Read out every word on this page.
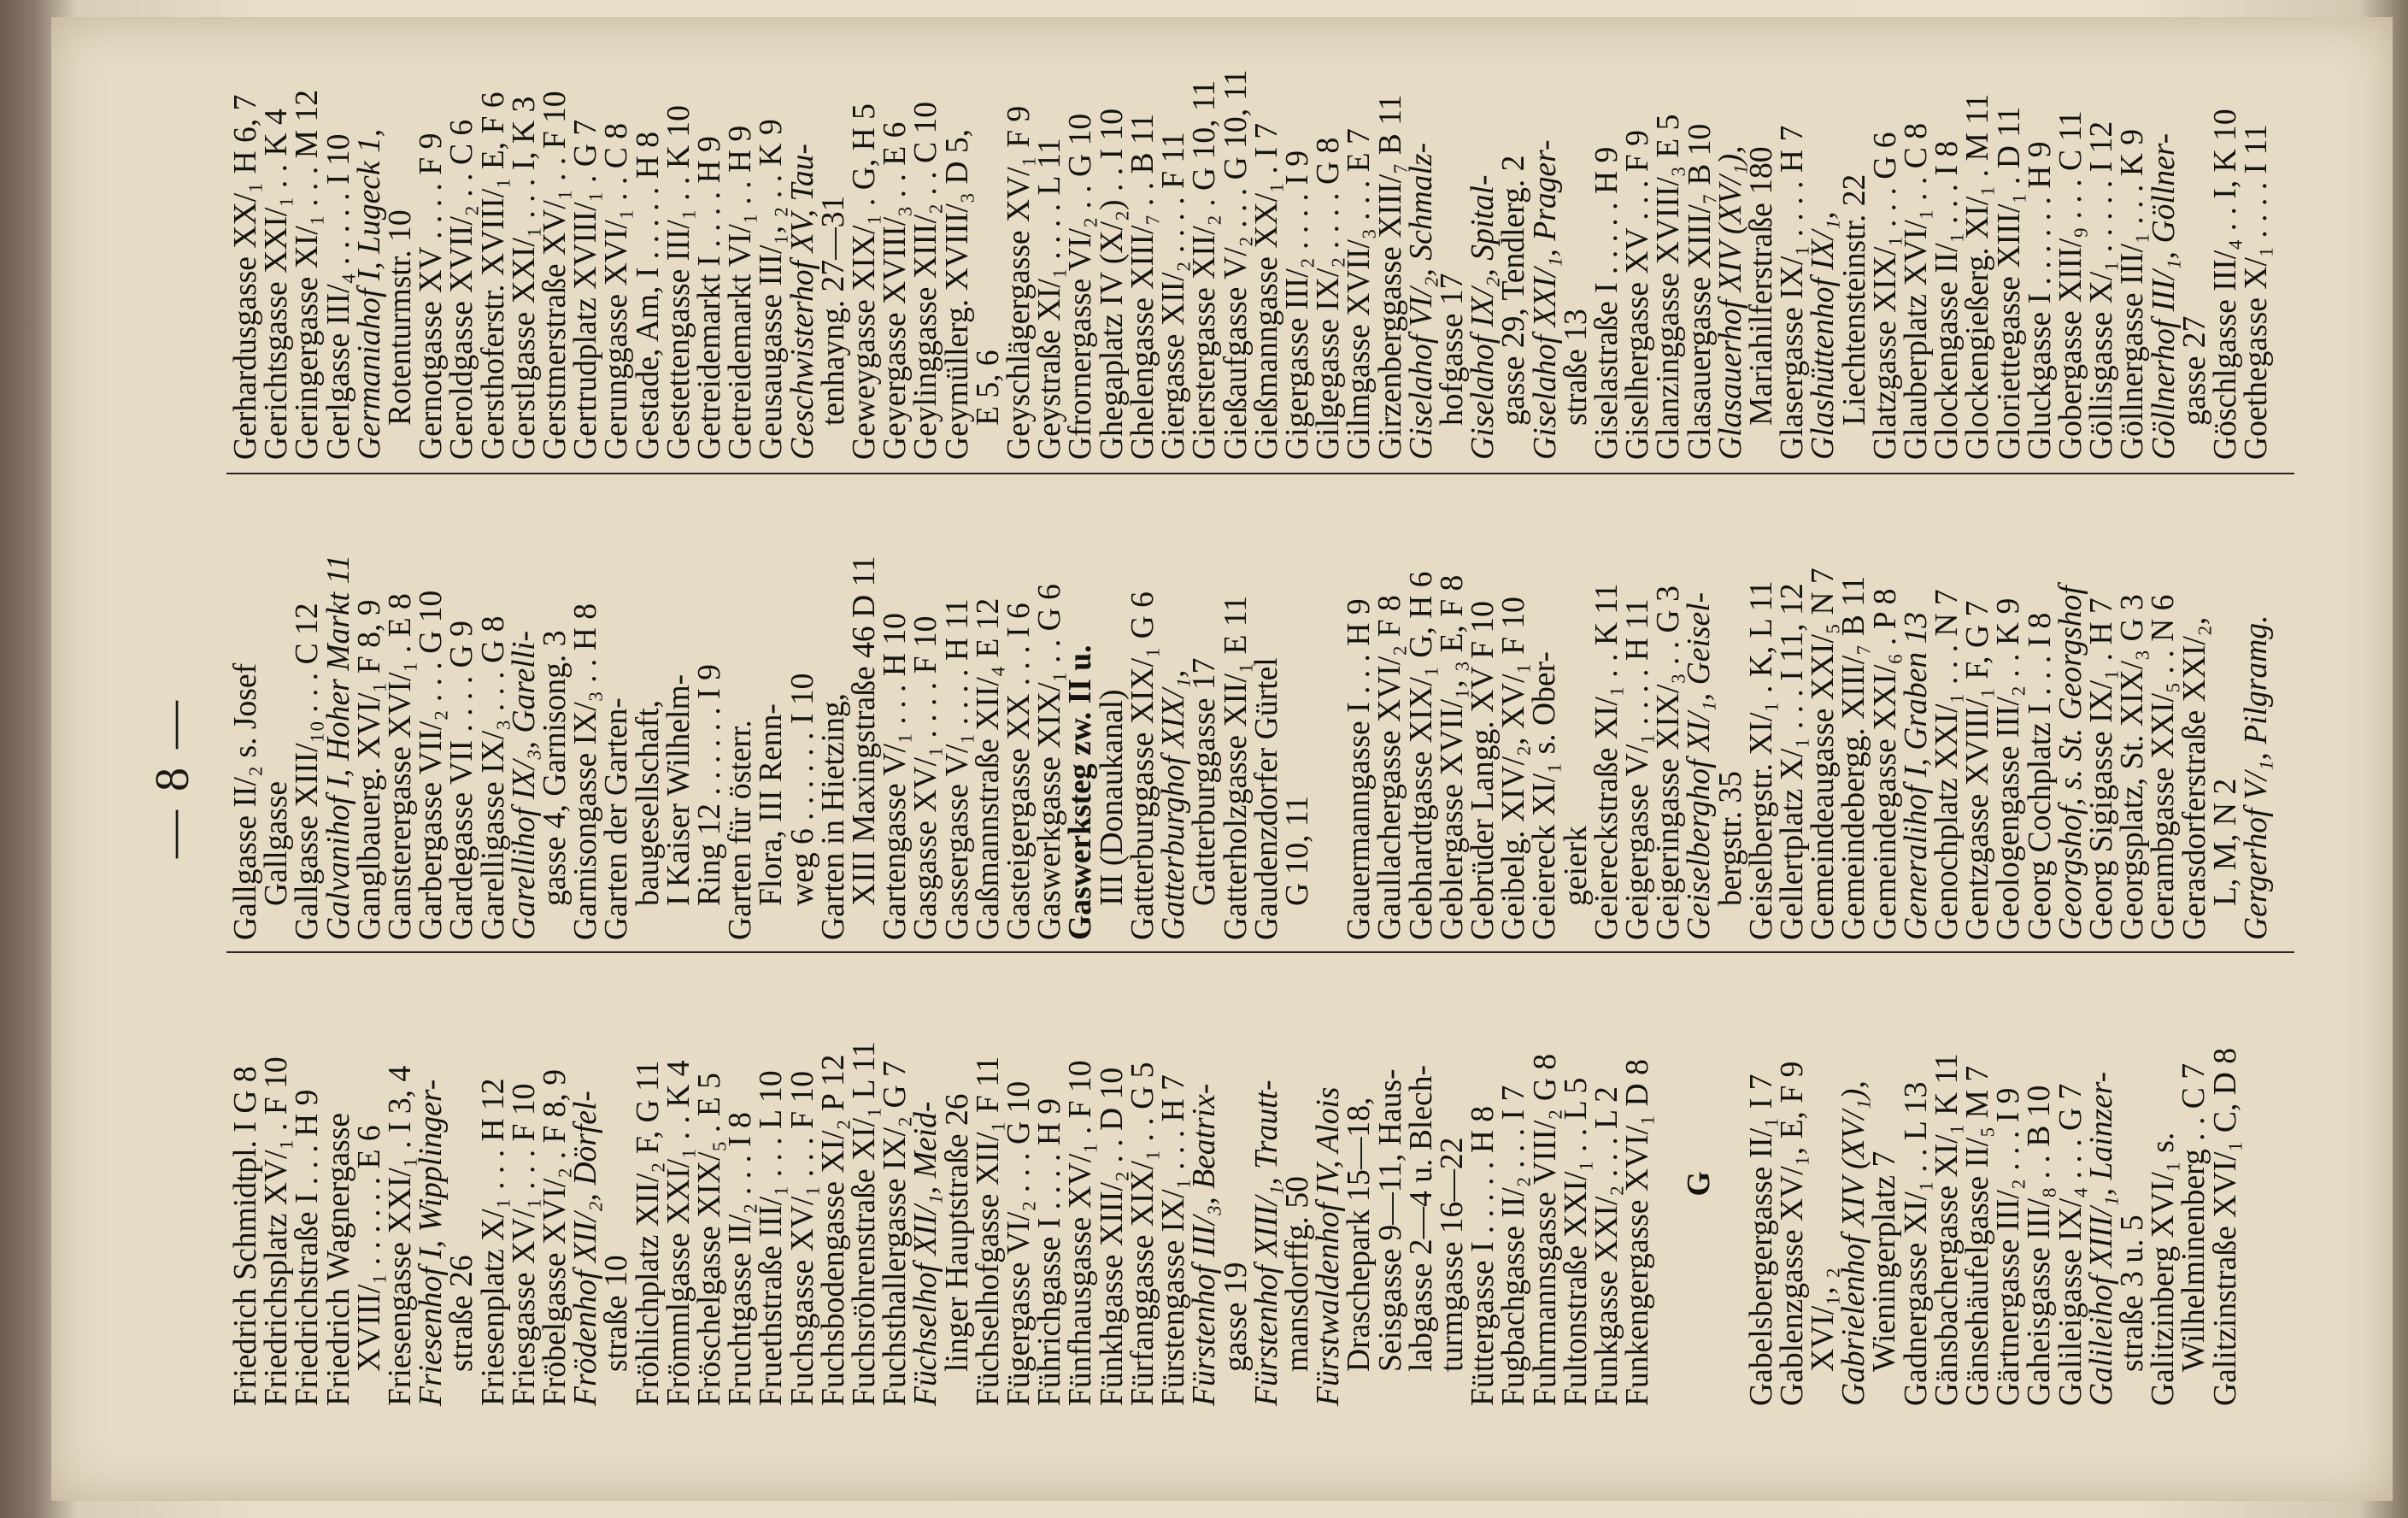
— 8 —
Friedrich Schmidtpl. I G 8
Friedrichsplatz XV/₁ . F 10
Friedrichstraße I . . . H 9
Friedrich Wagnergasse
XVIII/₁ . . . . . . E 6
Friesengasse XXI/₁ . I 3, 4
Friesenhof I, Wipplinger-
straße 26
Friesenplatz X/₁ . . . H 12
Friesgasse XV/₁ . . . F 10
Fröbelgasse XVI/₂ . F 8, 9
Frödenhof XII/₂, Dörfel-
straße 10
Fröhlichplatz XII/₂ F, G 11
Frömmlgasse XXI/₁ . . K 4
Fröschelgasse XIX/₅ . E 5
Fruchtgasse II/₂ . . . I 8
Fruethstraße III/₁ . . . L 10
Fuchsgasse XV/₁ . . . F 10
Fuchsbodengasse XI/₂ P 12
Fuchsröhrenstraße XI/₁ L 11
Fuchsthallergasse IX/₂ G 7
Füchselhof XII/₁, Meid-
linger Hauptstraße 26
Füchselhofgasse XII/₁ F 11
Fügergasse VI/₂ . . . G 10
Führichgasse I . . . . H 9
Fünfhausgasse XV/₁ . F 10
Fünkhgasse XIII/₂ . . D 10
Fürfanggasse XIX/₁ . . G 5
Fürstengasse IX/₁ . . . H 7
Fürstenhof III/₃, Beatrix-
gasse 19
Fürstenhof XIII/₁, Trautt-
mansdorffg. 50
Fürstwaldenhof IV, Alois
Draschepark 15—18,
Seisgasse 9—11, Haus-
labgasse 2—4 u. Blech-
turmgasse 16—22
Füttergasse I . . . . . H 8
Fugbachgasse II/₂ . . . I 7
Fuhrmannsgasse VIII/₂ G 8
Fultonstraße XXI/₁ . . L 5
Funkgasse XXI/₂ . . . L 2
Funkengergasse XVI/₁ D 8 G Gabelsbergergasse II/₁ I 7
Gablenzgasse XV/₁, E, F 9
XVI/₁, ₂
Gabrielenhof XIV (XV/₁),
Wieningerplatz 7
Gadnergasse XI/₁ . . L 13
Gänsbachergasse XI/₁ K 11
Gänsehäufelgasse II/₅ M 7
Gärtnergasse III/₂ . . . I 9
Gaheisgasse III/₈ . . B 10
Galileigasse IX/₄ . . . G 7
Galileihof XIII/₁, Lainzer-
straße 3 u. 5
Galitzinberg XVI/₁ s.
Wilhelminenberg . . C 7
Galitzinstraße XVI/₁ C, D 8
Gallgasse II/₂ s. Josef
Gallgasse
Gallgasse XIII/₁₀ . . . C 12
Galvanihof I, Hoher Markt 11
Ganglbauerg. XVI/₁ F 8, 9
Gansterergasse XVI/₁ . E 8
Garbergasse VII/₂ . . . G 10
Gardegasse VII . . . . G 9
Garelligasse IX/₃ . . . G 8
Garellihof IX/₃, Garelli-
gasse 4, Garnisong. 3
Garnisongasse IX/₃ . . H 8
Garten der Garten-
baugesellschaft,
I Kaiser Wilhelm-
Ring 12 . . . . . . I 9
Garten für österr.
Flora, III Renn-
weg 6 . . . . . . I 10
Garten in Hietzing,
XIII Maxingstraße 46 D 11
Gartengasse V/₁ . . . H 10
Gasgasse XV/₁ . . . . F 10
Gassergasse V/₁ . . . . H 11
Gaßmannstraße XII/₄ E 12
Gasteigergasse XX . . . I 6
Gaswerkgasse XIX/₁ . . G 6
Gaswerksteg zw. II u.
III (Donaukanal)
Gatterburggasse XIX/₁ G 6
Gatterburghof XIX/₁,
Gatterburggasse 17
Gatterholzgasse XII/₁ E 11
Gaudenzdorfer Gürtel
G 10, 11 Gauermanngasse I . . . H 9
Gaullachergasse XVI/₂ F 8
Gebhardtgasse XIX/₁ G, H 6
Geblergasse XVII/₁, ₃ E, F 8
Gebrüder Langg. XV F 10
Geibelg. XIV/₂, XV/₁ F 10
Geiereck XI/₁ s. Ober-
geierk
Geiereckstraße XI/₁ . . K 11
Geigergasse V/₁ . . . . H 11
Geigeringasse XIX/₃ . . G 3
Geiselberghof XI/₁, Geisel-
bergstr. 35
Geiselbergstr. XI/₁ . K, L 11
Gellertplatz X/₁ . . . I 11, 12
Gemeindeaugasse XXI/₅ N 7
Gemeindebergg. XIII/₇ B 11
Gemeindegasse XXI/₆ . P 8
Generalihof I, Graben 13
Genochplatz XXI/₁ . . . N 7
Gentzgasse XVIII/₁ F, G 7
Geologengasse III/₂ . . K 9
Georg Cochplatz I . . . I 8
Georgshof, s. St. Georgshof
Georg Sigigasse IX/₁ . H 7
Georgsplatz, St. XIX/₃ G 3
Gerambgasse XXI/₅ . . N 6
Gerasdorferstraße XXI/₂,
L, M, N 2
Gergerhof V/₁, Pilgramg.
Gerhardusgasse XX/₁ H 6, 7
Gerichtsgasse XXI/₁ . . K 4
Geringergasse XI/₁ . . . M 12
Gerlgasse III/₄ . . . . . I 10
Germaniahof I, Lugeck 1,
Rotenturmstr. 10
Gernotgasse XV . . . . F 9
Geroldgasse XVII/₂ . . C 6
Gersthoferstr. XVIII/₁ E, F 6
Gerstlgasse XXI/₁ . . . I, K 3
Gerstmerstraße XV/₁ . . F 10
Gertrudplatz XVIII/₁ . G 7
Gerunggasse XVI/₁ . . C 8
Gestade, Am, I . . . . . H 8
Gestettengasse III/₁ . . K 10
Getreidemarkt I . . . . H 9
Getreidemarkt VI/₁ . . H 9
Geusaugasse III/₁, ₂ . . K 9
Geschwisterhof XV, Tau-
tenhayng. 27—31
Geweygasse XIX/₁ . G, H 5
Geyergasse XVIII/₃ . . E 6
Geylinggasse XIII/₂ . . C 10
Geymüllerg. XVIII/₃ D 5,
E 5, 6
Geyschlägergasse XV/₁ F 9
Geystraße XI/₁ . . . . L 11
Gfrornergasse VI/₂ . . G 10
Ghegaplatz IV (X/₂) . . I 10
Ghelengasse XIII/₇ . . B 11
Giergasse XII/₂ . . . . F 11
Gierstergasse XII/₂ . G 10, 11
Gießaufgasse V/₂ . . . G 10, 11
Gießmanngasse XX/₁ . I 7
Gigergasse III/₂ . . . . I 9
Gilgegasse IX/₂ . . . . G 8
Gilmgasse XVII/₃ . . . E 7
Girzenberggasse XIII/₇ B 11
Giselahof VI/₂, Schmalz-
hofgasse 17
Giselahof IX/₂, Spital-
gasse 29, Tendlerg. 2
Giselahof XXI/₁, Prager-
straße 13
Giselastraße I . . . . . H 9
Giselhergasse XV . . . F 9
Glanzinggasse XVIII/₃ E 5
Glasauergasse XIII/₇ B 10
Glasauerhof XIV (XV/₁),
Mariahilferstraße 180
Glasergasse IX/₁ . . . . H 7
Glashüttenhof IX/₁,
Liechtensteinstr. 22
Glatzgasse XIX/₁ . . . G 6
Glauberplatz XVI/₁ . . C 8
Glockengasse II/₁ . . . I 8
Glockengießerg. XI/₁ . M 11
Gloriettegasse XIII/₁ . D 11
Gluckgasse I . . . . . . H 9
Gobergasse XIII/₉ . . . C 11
Göllisgasse X/₁ . . . . . I 12
Göllnergasse III/₁ . . . K 9
Göllnerhof III/₁, Göllner-
gasse 27
Göschlgasse III/₄ . . I, K 10
Goethegasse X/₁ . . . . I 11
